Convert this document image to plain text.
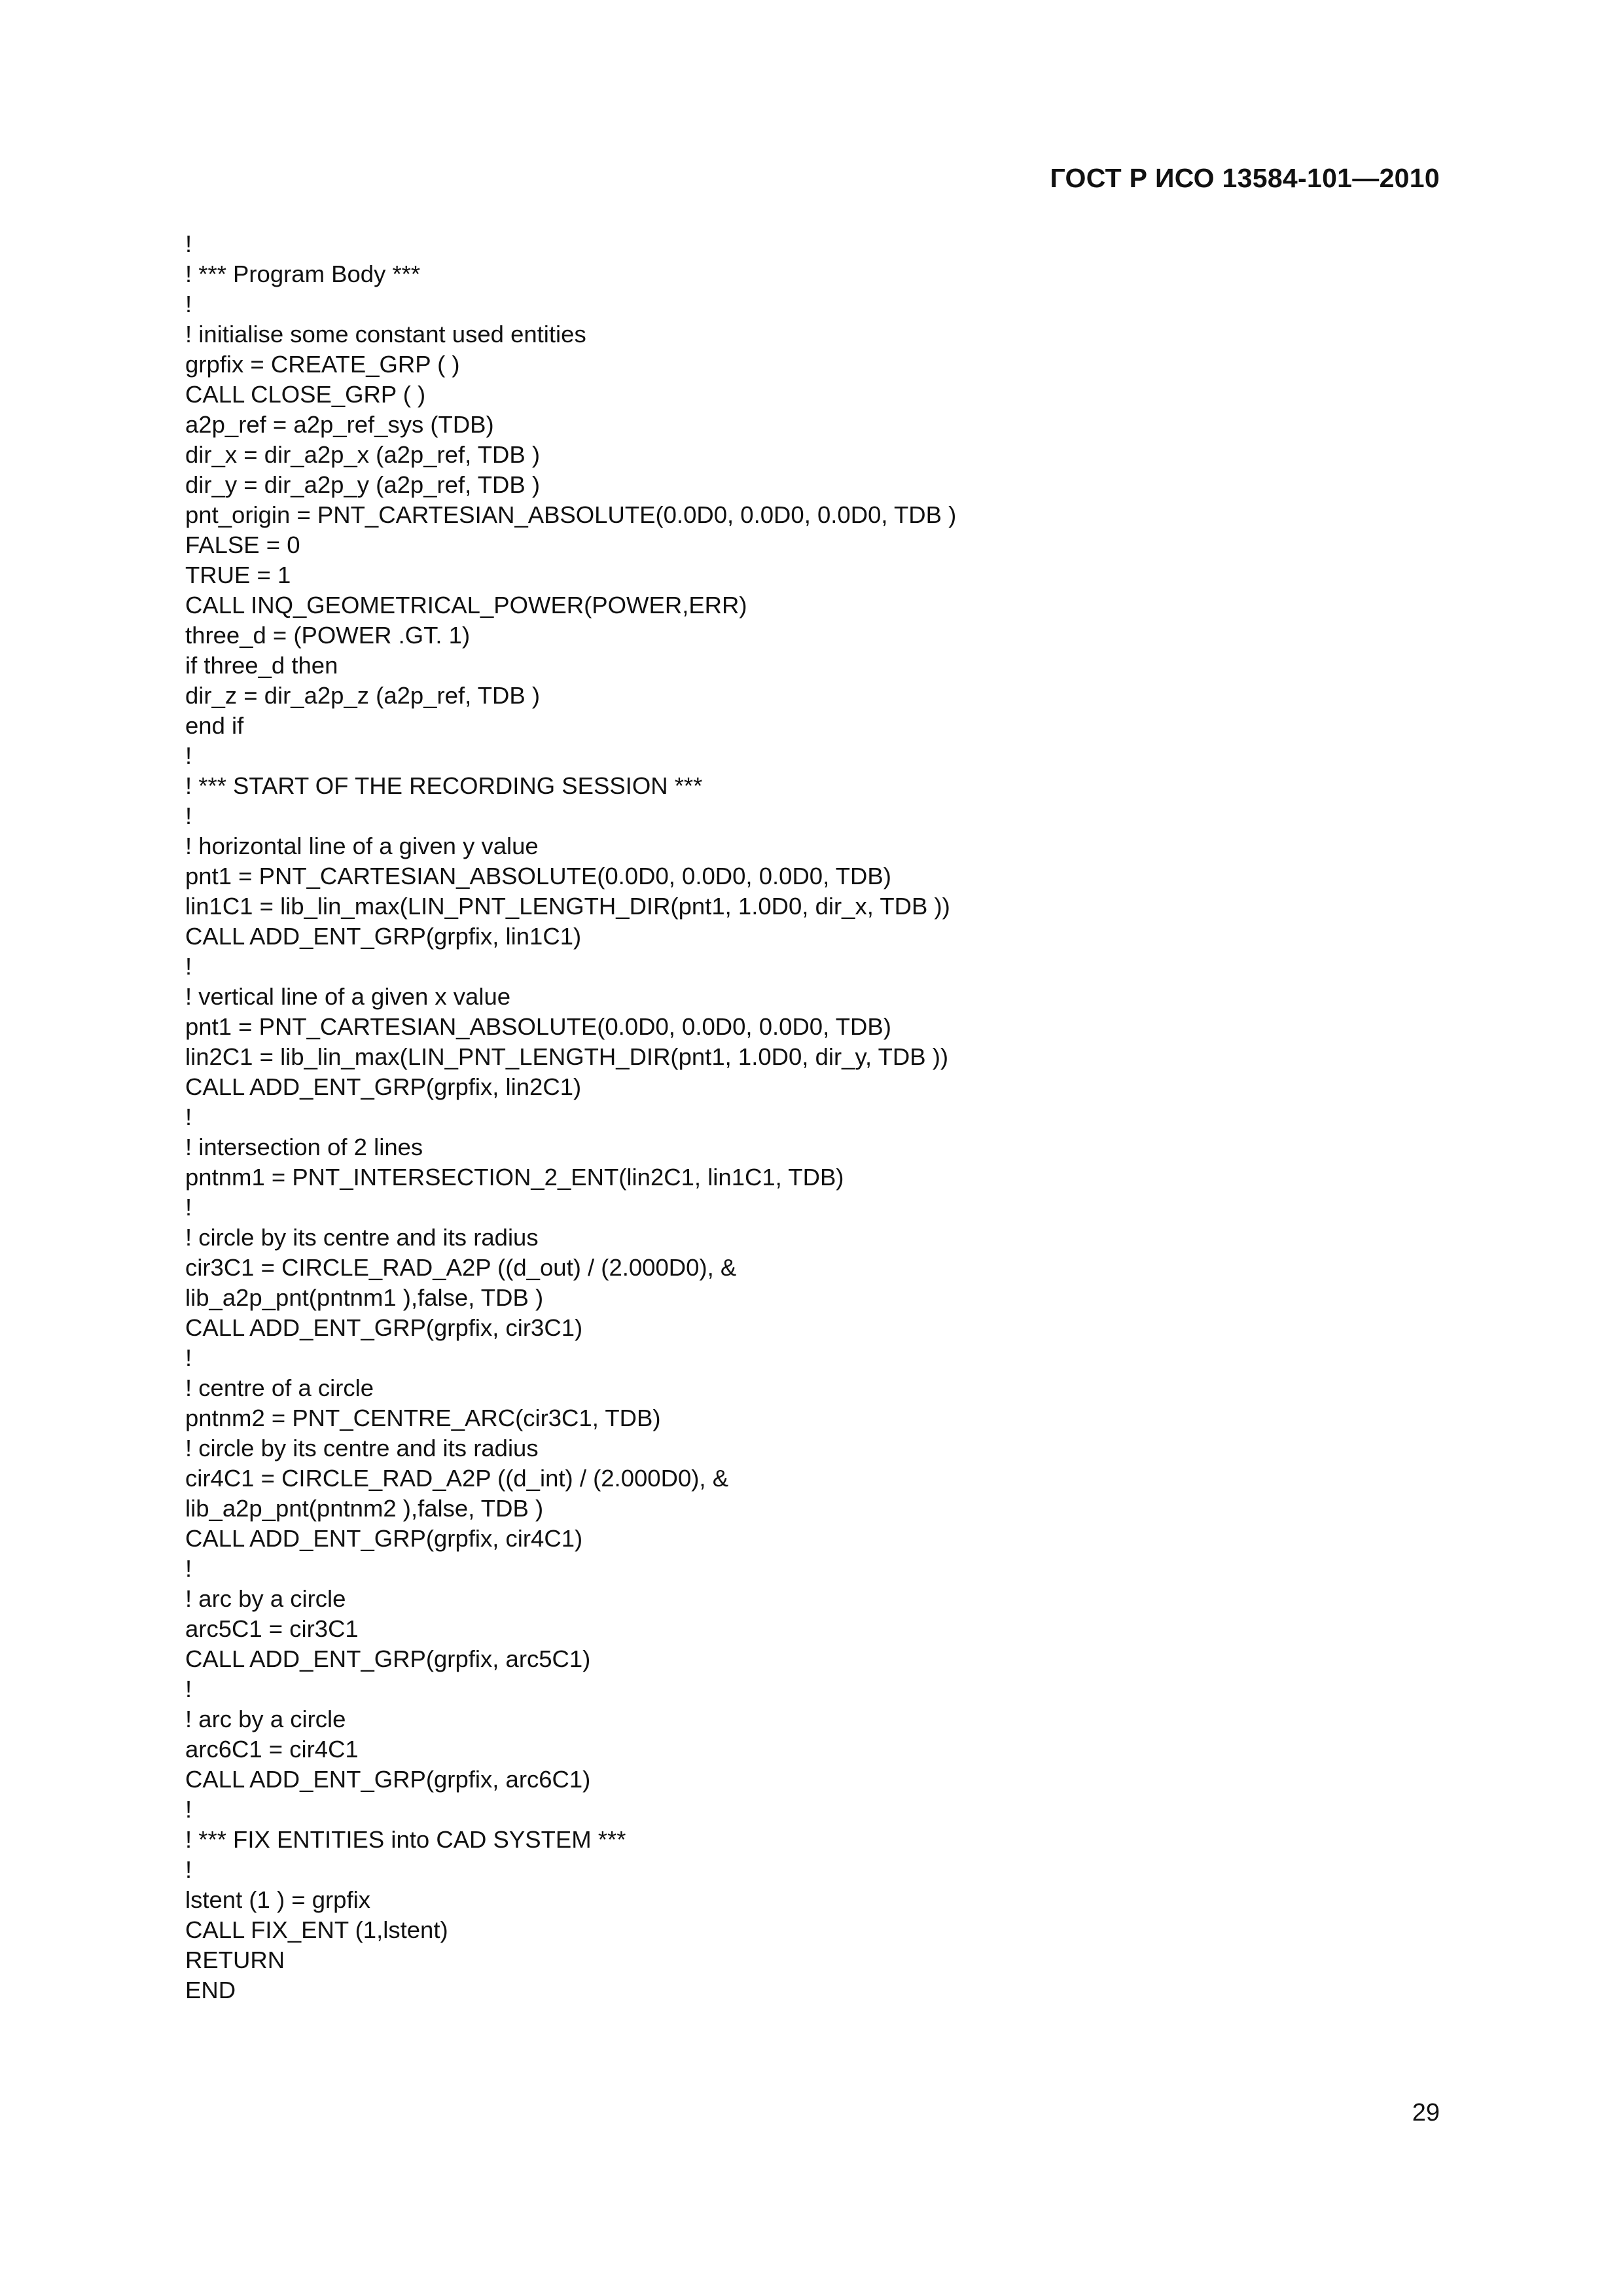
ГОСТ Р ИСО 13584-101—2010
!
! *** Program Body ***
!
! initialise some constant used entities
grpfix = CREATE_GRP ( )
CALL CLOSE_GRP ( )
a2p_ref = a2p_ref_sys (TDB)
dir_x = dir_a2p_x (a2p_ref, TDB )
dir_y = dir_a2p_y (a2p_ref, TDB )
pnt_origin = PNT_CARTESIAN_ABSOLUTE(0.0D0, 0.0D0, 0.0D0, TDB )
FALSE = 0
TRUE = 1
CALL INQ_GEOMETRICAL_POWER(POWER,ERR)
three_d = (POWER .GT. 1)
if three_d then
dir_z = dir_a2p_z (a2p_ref, TDB )
end if
!
! *** START OF THE RECORDING SESSION ***
!
! horizontal line of a given y value
pnt1 = PNT_CARTESIAN_ABSOLUTE(0.0D0, 0.0D0, 0.0D0, TDB)
lin1C1 = lib_lin_max(LIN_PNT_LENGTH_DIR(pnt1, 1.0D0, dir_x, TDB ))
CALL ADD_ENT_GRP(grpfix, lin1C1)
!
! vertical line of a given x value
pnt1 = PNT_CARTESIAN_ABSOLUTE(0.0D0, 0.0D0, 0.0D0, TDB)
lin2C1 = lib_lin_max(LIN_PNT_LENGTH_DIR(pnt1, 1.0D0, dir_y, TDB ))
CALL ADD_ENT_GRP(grpfix, lin2C1)
!
! intersection of 2 lines
pntnm1 = PNT_INTERSECTION_2_ENT(lin2C1, lin1C1, TDB)
!
! circle by its centre and its radius
cir3C1 = CIRCLE_RAD_A2P ((d_out) / (2.000D0), &
lib_a2p_pnt(pntnm1 ),false, TDB )
CALL ADD_ENT_GRP(grpfix, cir3C1)
!
! centre of a circle
pntnm2 = PNT_CENTRE_ARC(cir3C1, TDB)
! circle by its centre and its radius
cir4C1 = CIRCLE_RAD_A2P ((d_int) / (2.000D0), &
lib_a2p_pnt(pntnm2 ),false, TDB )
CALL ADD_ENT_GRP(grpfix, cir4C1)
!
! arc by a circle
arc5C1 = cir3C1
CALL ADD_ENT_GRP(grpfix, arc5C1)
!
! arc by a circle
arc6C1 = cir4C1
CALL ADD_ENT_GRP(grpfix, arc6C1)
!
! *** FIX ENTITIES into CAD SYSTEM ***
!
lstent (1 ) = grpfix
CALL FIX_ENT (1,lstent)
RETURN
END
29
